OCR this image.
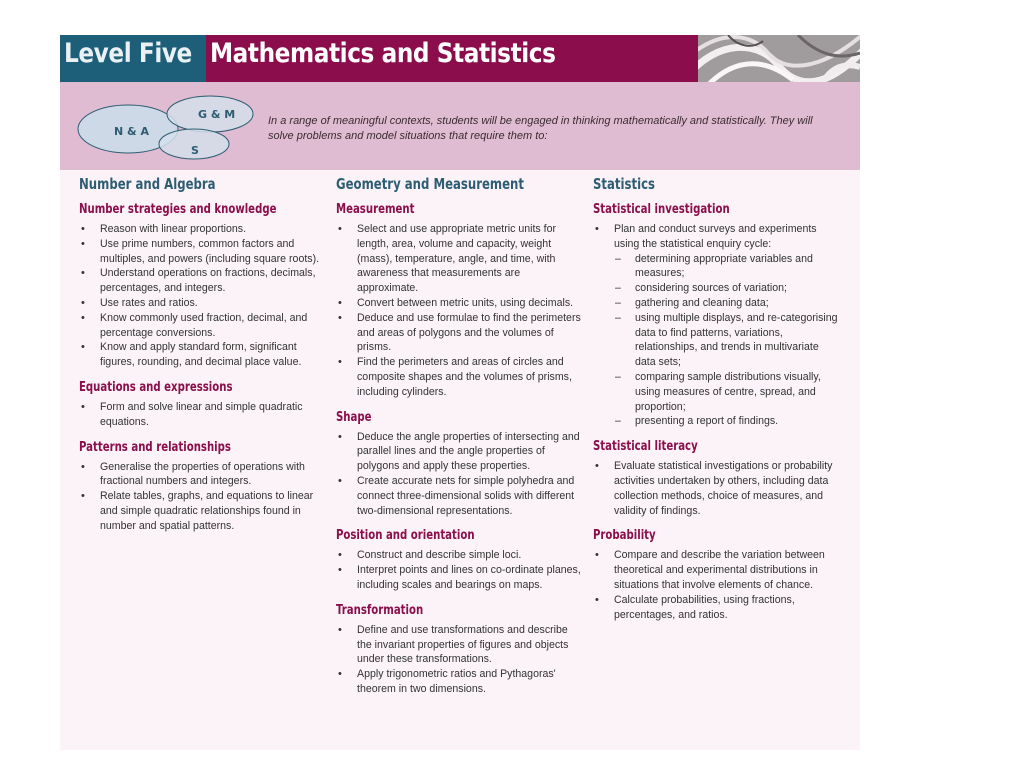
Level Five Mathematics and Statistics
N & A
G & M
S
In a range of meaningful contexts, students will be engaged in thinking mathematically and statistically. They will solve problems and model situations that require them to:
Number and Algebra
Number strategies and knowledge
• Reason with linear proportions.
• Use prime numbers, common factors and multiples, and powers (including square roots).
• Understand operations on fractions, decimals, percentages, and integers.
• Use rates and ratios.
• Know commonly used fraction, decimal, and percentage conversions.
• Know and apply standard form, significant figures, rounding, and decimal place value.
Equations and expressions
• Form and solve linear and simple quadratic equations.
Patterns and relationships
• Generalise the properties of operations with fractional numbers and integers.
• Relate tables, graphs, and equations to linear and simple quadratic relationships found in number and spatial patterns.
Geometry and Measurement
Measurement
• Select and use appropriate metric units for length, area, volume and capacity, weight (mass), temperature, angle, and time, with awareness that measurements are approximate.
• Convert between metric units, using decimals.
• Deduce and use formulae to find the perimeters and areas of polygons and the volumes of prisms.
• Find the perimeters and areas of circles and composite shapes and the volumes of prisms, including cylinders.
Shape
• Deduce the angle properties of intersecting and parallel lines and the angle properties of polygons and apply these properties.
• Create accurate nets for simple polyhedra and connect three-dimensional solids with different two-dimensional representations.
Position and orientation
• Construct and describe simple loci.
• Interpret points and lines on co-ordinate planes, including scales and bearings on maps.
Transformation
• Define and use transformations and describe the invariant properties of figures and objects under these transformations.
• Apply trigonometric ratios and Pythagoras' theorem in two dimensions.
Statistics
Statistical investigation
• Plan and conduct surveys and experiments using the statistical enquiry cycle:
– determining appropriate variables and measures;
– considering sources of variation;
– gathering and cleaning data;
– using multiple displays, and re-categorising data to find patterns, variations, relationships, and trends in multivariate data sets;
– comparing sample distributions visually, using measures of centre, spread, and proportion;
– presenting a report of findings.
Statistical literacy
• Evaluate statistical investigations or probability activities undertaken by others, including data collection methods, choice of measures, and validity of findings.
Probability
• Compare and describe the variation between theoretical and experimental distributions in situations that involve elements of chance.
• Calculate probabilities, using fractions, percentages, and ratios.
